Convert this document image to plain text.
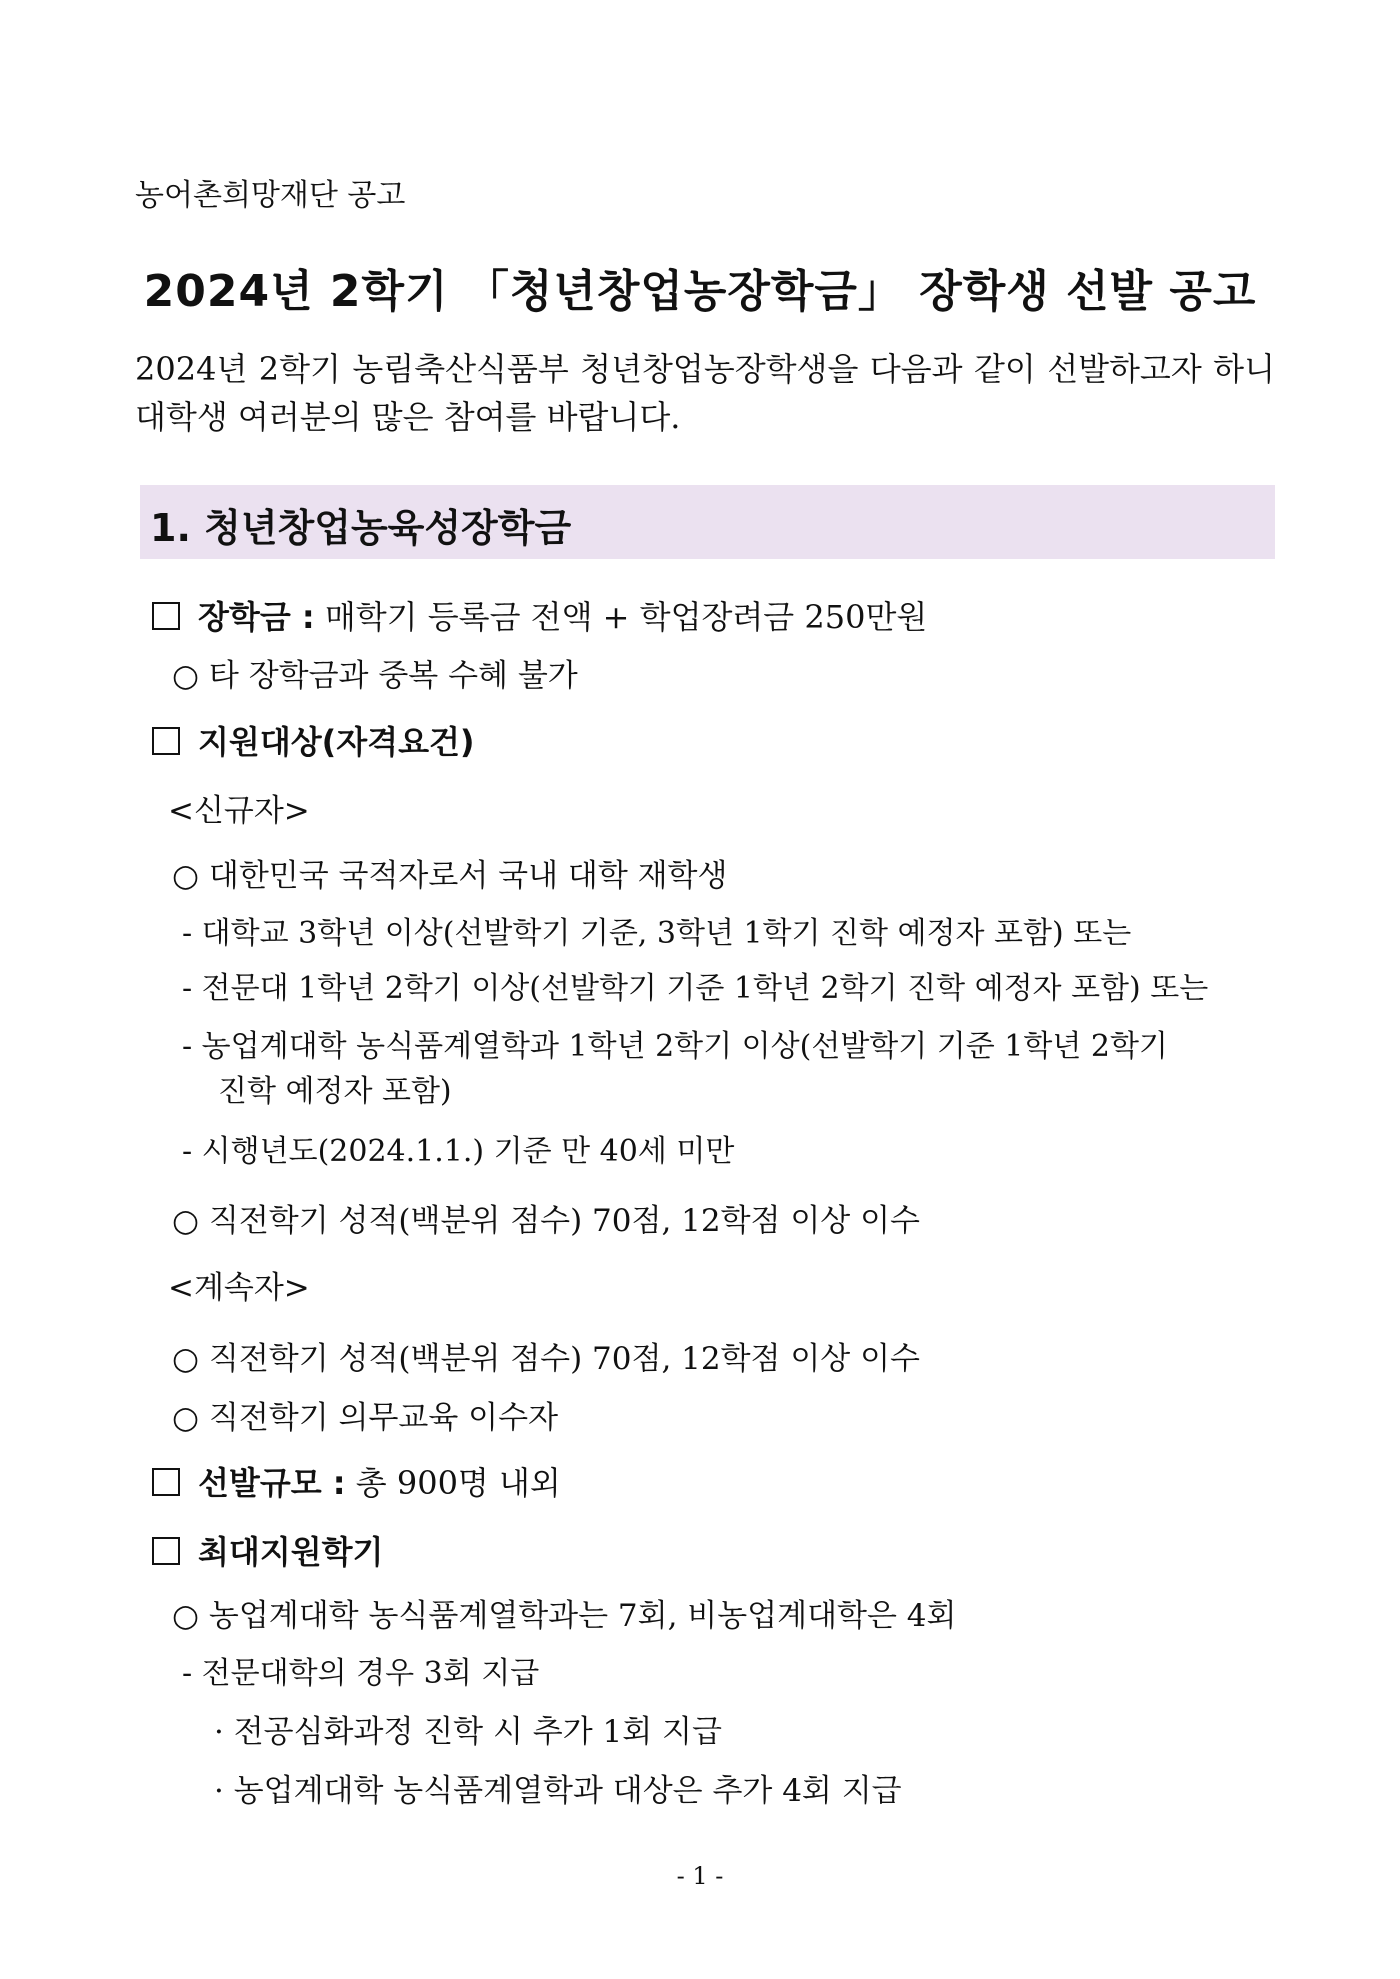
농어촌희망재단 공고
2024년 2학기 「청년창업농장학금」 장학생 선발 공고
2024년 2학기 농림축산식품부 청년창업농장학생을 다음과 같이 선발하고자 하니 대학생 여러분의 많은 참여를 바랍니다.
1. 청년창업농육성장학금
장학금 : 매학기 등록금 전액 + 학업장려금 250만원
○ 타 장학금과 중복 수혜 불가
지원대상(자격요건)
<신규자>
○ 대한민국 국적자로서 국내 대학 재학생
- 대학교 3학년 이상(선발학기 기준, 3학년 1학기 진학 예정자 포함) 또는
- 전문대 1학년 2학기 이상(선발학기 기준 1학년 2학기 진학 예정자 포함) 또는
- 농업계대학 농식품계열학과 1학년 2학기 이상(선발학기 기준 1학년 2학기
진학 예정자 포함)
- 시행년도(2024.1.1.) 기준 만 40세 미만
○ 직전학기 성적(백분위 점수) 70점, 12학점 이상 이수
<계속자>
○ 직전학기 성적(백분위 점수) 70점, 12학점 이상 이수
○ 직전학기 의무교육 이수자
선발규모 : 총 900명 내외
최대지원학기
○ 농업계대학 농식품계열학과는 7회, 비농업계대학은 4회
- 전문대학의 경우 3회 지급
· 전공심화과정 진학 시 추가 1회 지급
· 농업계대학 농식품계열학과 대상은 추가 4회 지급
- 1 -
